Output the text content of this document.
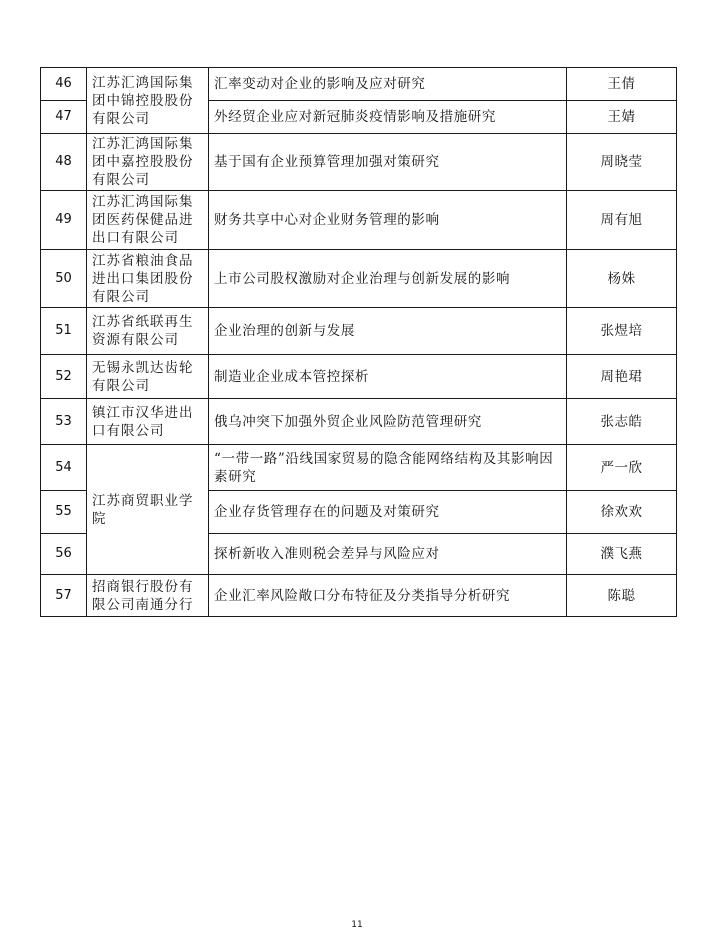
46	江苏汇鸿国际集团中锦控股股份有限公司	汇率变动对企业的影响及应对研究	王倩
47		外经贸企业应对新冠肺炎疫情影响及措施研究	王婧
48	江苏汇鸿国际集团中嘉控股股份有限公司	基于国有企业预算管理加强对策研究	周晓莹
49	江苏汇鸿国际集团医药保健品进出口有限公司	财务共享中心对企业财务管理的影响	周有旭
50	江苏省粮油食品进出口集团股份有限公司	上市公司股权激励对企业治理与创新发展的影响	杨姝
51	江苏省纸联再生资源有限公司	企业治理的创新与发展	张煜培
52	无锡永凯达齿轮有限公司	制造业企业成本管控探析	周艳珺
53	镇江市汉华进出口有限公司	俄乌冲突下加强外贸企业风险防范管理研究	张志皓
54	江苏商贸职业学院	“一带一路”沿线国家贸易的隐含能网络结构及其影响因素研究	严一欣
55		企业存货管理存在的问题及对策研究	徐欢欢
56		探析新收入准则税会差异与风险应对	濮飞燕
57	招商银行股份有限公司南通分行	企业汇率风险敞口分布特征及分类指导分析研究	陈聪
11
